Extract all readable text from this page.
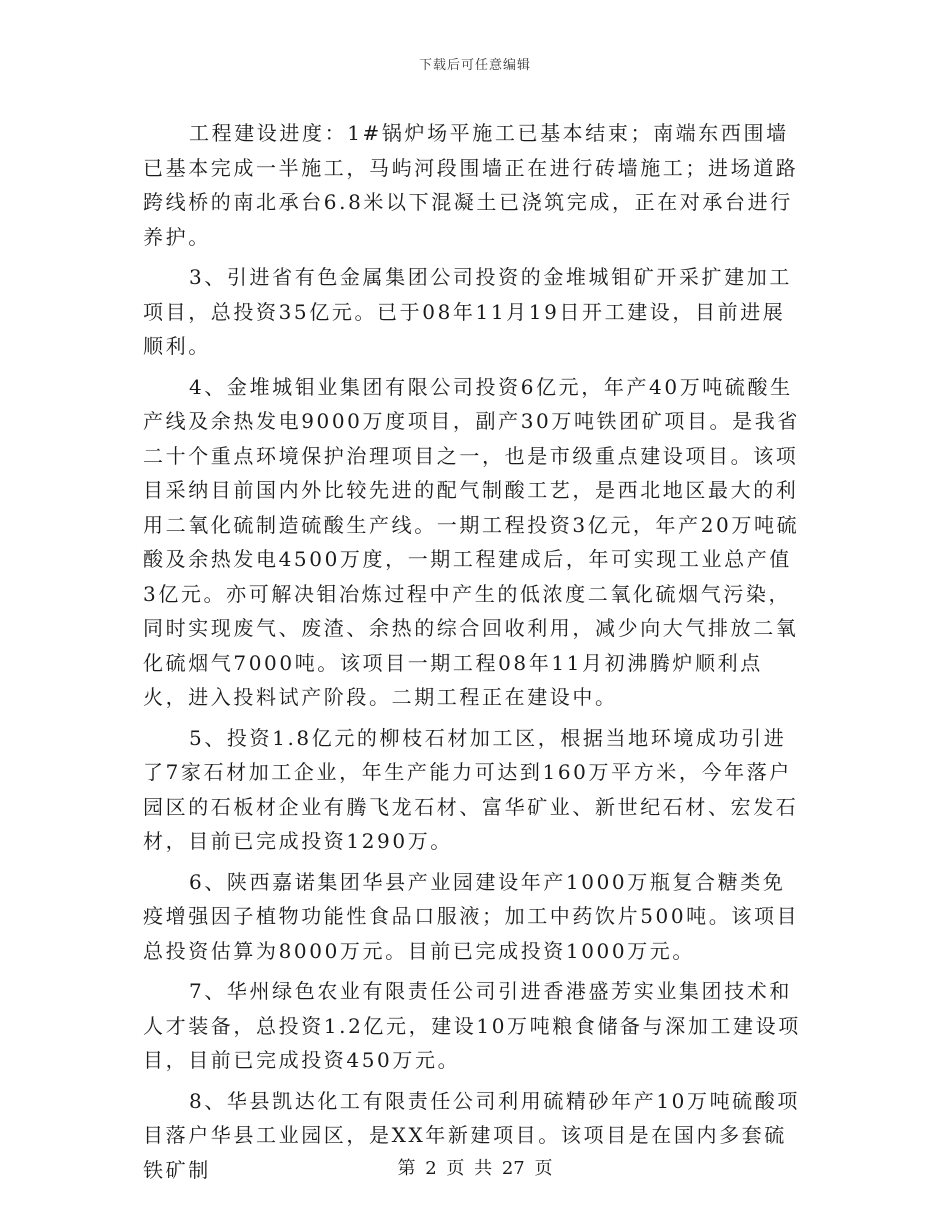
下载后可任意编辑

工程建设进度：1#锅炉场平施工已基本结束；南端东西围墙已基本完成一半施工，马屿河段围墙正在进行砖墙施工；进场道路跨线桥的南北承台6.8米以下混凝土已浇筑完成，正在对承台进行养护。

3、引进省有色金属集团公司投资的金堆城钼矿开采扩建加工项目，总投资35亿元。已于08年11月19日开工建设，目前进展顺利。

4、金堆城钼业集团有限公司投资6亿元，年产40万吨硫酸生产线及余热发电9000万度项目，副产30万吨铁团矿项目。是我省二十个重点环境保护治理项目之一，也是市级重点建设项目。该项目采纳目前国内外比较先进的配气制酸工艺，是西北地区最大的利用二氧化硫制造硫酸生产线。一期工程投资3亿元，年产20万吨硫酸及余热发电4500万度，一期工程建成后，年可实现工业总产值3亿元。亦可解决钼冶炼过程中产生的低浓度二氧化硫烟气污染，同时实现废气、废渣、余热的综合回收利用，减少向大气排放二氧化硫烟气7000吨。该项目一期工程08年11月初沸腾炉顺利点火，进入投料试产阶段。二期工程正在建设中。

5、投资1.8亿元的柳枝石材加工区，根据当地环境成功引进了7家石材加工企业，年生产能力可达到160万平方米，今年落户园区的石板材企业有腾飞龙石材、富华矿业、新世纪石材、宏发石材，目前已完成投资1290万。

6、陕西嘉诺集团华县产业园建设年产1000万瓶复合糖类免疫增强因子植物功能性食品口服液；加工中药饮片500吨。该项目总投资估算为8000万元。目前已完成投资1000万元。

7、华州绿色农业有限责任公司引进香港盛芳实业集团技术和人才装备，总投资1.2亿元，建设10万吨粮食储备与深加工建设项目，目前已完成投资450万元。

8、华县凯达化工有限责任公司利用硫精砂年产10万吨硫酸项目落户华县工业园区，是XX年新建项目。该项目是在国内多套硫铁矿制	第 2 页 共 27 页
